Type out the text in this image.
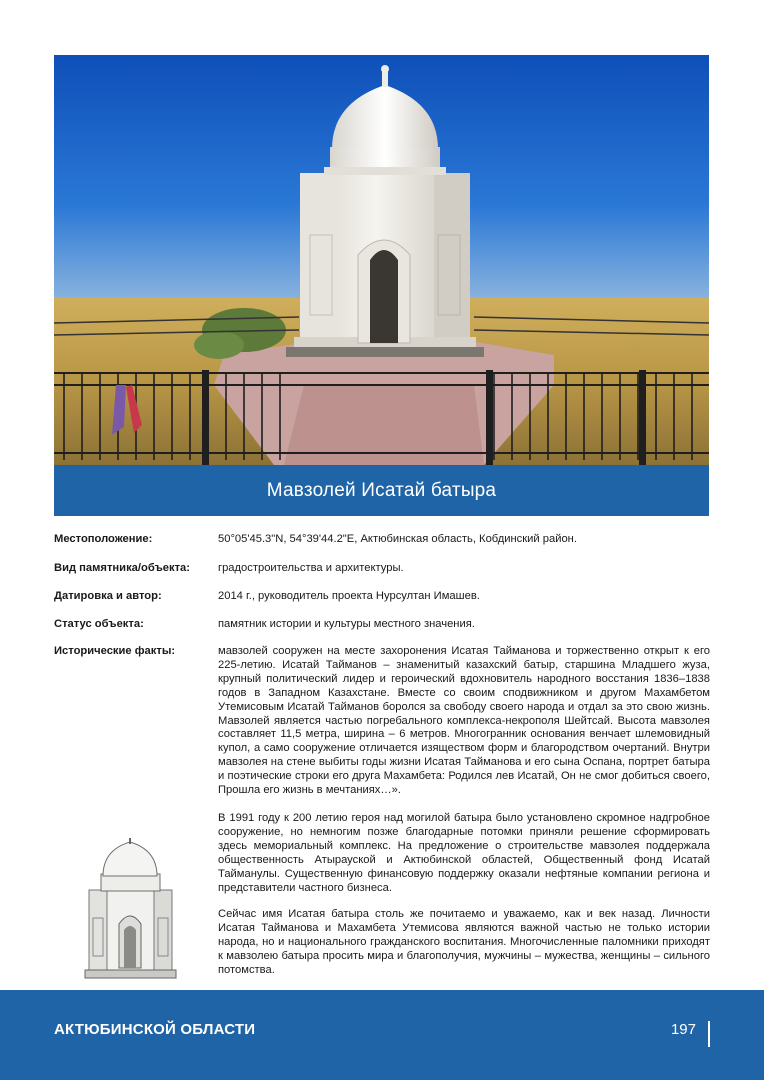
Мавзолей Исатай батыра
Местоположение:	50°05'45.3"N, 54°39'44.2"E, Актюбинская область, Кобдинский район.
Вид памятника/объекта:	градостроительства и архитектуры.
Датировка и автор:	2014 г., руководитель проекта Нурсултан Имашев.
Статус объекта:	памятник истории и культуры местного значения.
Исторические факты:	мавзолей сооружен на месте захоронения Исатая Тайманова и торжественно открыт к его 225-летию. Исатай Тайманов – знаменитый казахский батыр, старшина Младшего жуза, крупный политический лидер и героический вдохновитель народного восстания 1836–1838 годов в Западном Казахстане. Вместе со своим сподвижником и другом Махамбетом Утемисовым Исатай Тайманов боролся за свободу своего народа и отдал за это свою жизнь. Мавзолей является частью погребального комплекса-некрополя Шейтсай. Высота мавзолея составляет 11,5 метра, ширина – 6 метров. Многогранник основания венчает шлемовидный купол, а само сооружение отличается изяществом форм и благородством очертаний. Внутри мавзолея на стене выбиты годы жизни Исатая Тайманова и его сына Оспана, портрет батыра и поэтические строки его друга Махамбета: Родился лев Исатай, Он не смог добиться своего, Прошла его жизнь в мечтаниях…».
В 1991 году к 200 летию героя над могилой батыра было установлено скромное надгробное сооружение, но немногим позже благодарные потомки приняли решение сформировать здесь мемориальный комплекс. На предложение о строительстве мавзолея поддержала общественность Атырауской и Актюбинской областей, Общественный фонд Исатай Тайманулы. Существенную финансовую поддержку оказали нефтяные компании региона и представители частного бизнеса.
Сейчас имя Исатая батыра столь же почитаемо и уважаемо, как и век назад. Личности Исатая Тайманова и Махамбета Утемисова являются важной частью не только истории народа, но и национального гражданского воспитания. Многочисленные паломники приходят к мавзолею батыра просить мира и благополучия, мужчины – мужества, женщины – сильного потомства.
АКТЮБИНСКОЙ ОБЛАСТИ	197
